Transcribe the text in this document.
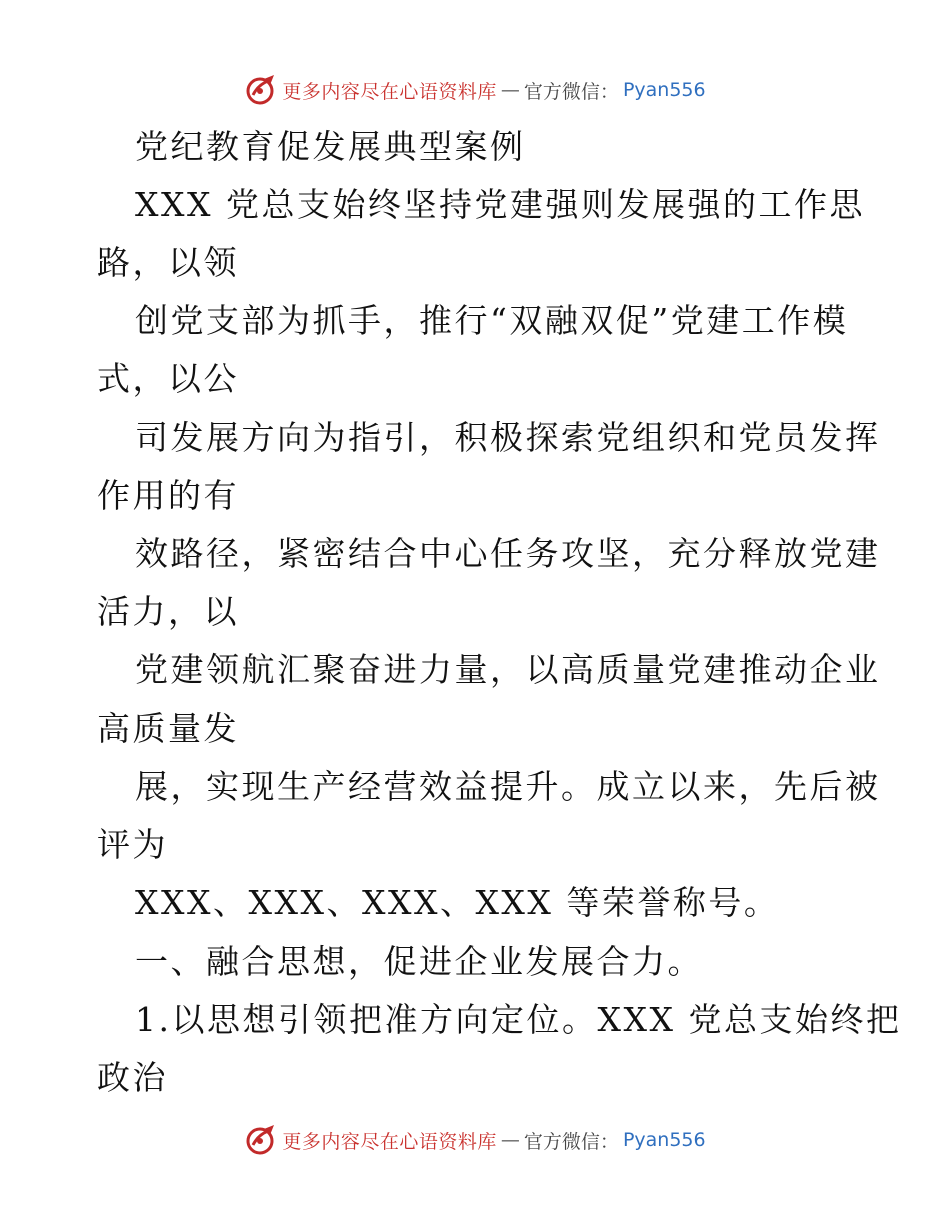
更多内容尽在心语资料库 — 官方微信： Pyan556
党纪教育促发展典型案例
XXX 党总支始终坚持党建强则发展强的工作思
路，以领
创党支部为抓手，推行“双融双促”党建工作模
式，以公
司发展方向为指引，积极探索党组织和党员发挥
作用的有
效路径，紧密结合中心任务攻坚，充分释放党建
活力，以
党建领航汇聚奋进力量，以高质量党建推动企业
高质量发
展，实现生产经营效益提升。成立以来，先后被
评为
XXX、XXX、XXX、XXX 等荣誉称号。
一、融合思想，促进企业发展合力。
1.以思想引领把准方向定位。XXX 党总支始终把
政治
更多内容尽在心语资料库 — 官方微信： Pyan556
